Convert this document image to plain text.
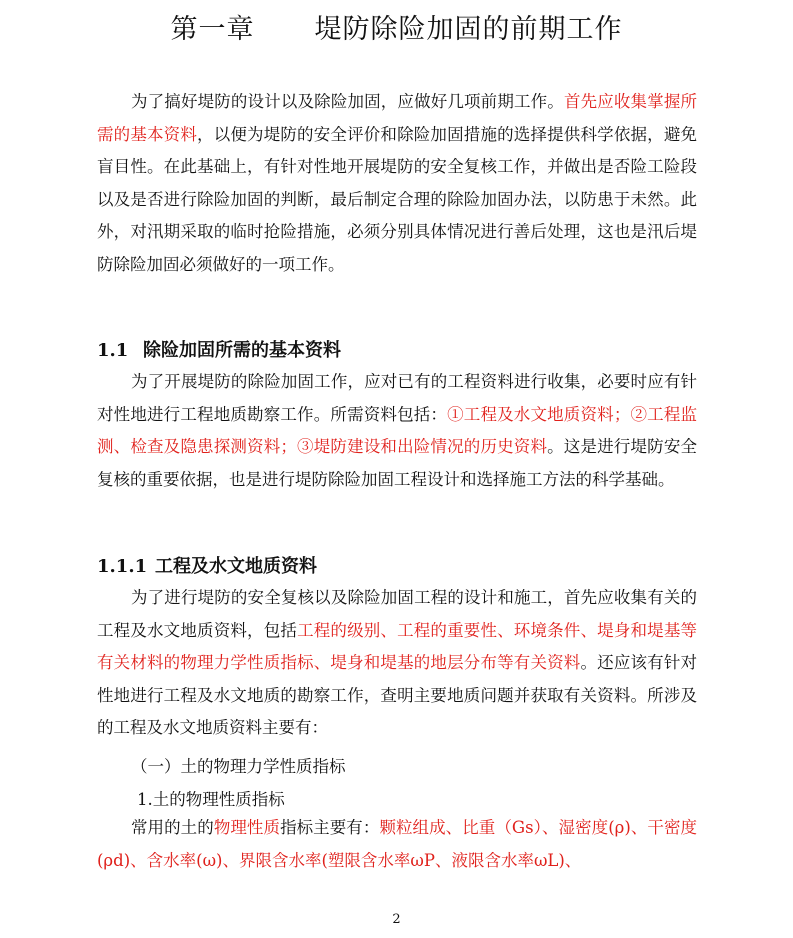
第一章 堤防除险加固的前期工作

为了搞好堤防的设计以及除险加固，应做好几项前期工作。首先应收集掌握所需的基本资料，以便为堤防的安全评价和除险加固措施的选择提供科学依据，避免盲目性。在此基础上，有针对性地开展堤防的安全复核工作，并做出是否险工险段以及是否进行除险加固的判断，最后制定合理的除险加固办法，以防患于未然。此外，对汛期采取的临时抢险措施，必须分别具体情况进行善后处理，这也是汛后堤防除险加固必须做好的一项工作。

1.1 除险加固所需的基本资料

为了开展堤防的除险加固工作，应对已有的工程资料进行收集，必要时应有针对性地进行工程地质勘察工作。所需资料包括：①工程及水文地质资料；②工程监测、检查及隐患探测资料；③堤防建设和出险情况的历史资料。这是进行堤防安全复核的重要依据，也是进行堤防除险加固工程设计和选择施工方法的科学基础。

1.1.1 工程及水文地质资料

为了进行堤防的安全复核以及除险加固工程的设计和施工，首先应收集有关的工程及水文地质资料，包括工程的级别、工程的重要性、环境条件、堤身和堤基等有关材料的物理力学性质指标、堤身和堤基的地层分布等有关资料。还应该有针对性地进行工程及水文地质的勘察工作，查明主要地质问题并获取有关资料。所涉及的工程及水文地质资料主要有：

（一）土的物理力学性质指标
1.土的物理性质指标

常用的土的物理性质指标主要有：颗粒组成、比重（Gs）、湿密度(ρ)、干密度(ρd)、含水率(ω)、界限含水率(塑限含水率ωP、液限含水率ωL)、

2
